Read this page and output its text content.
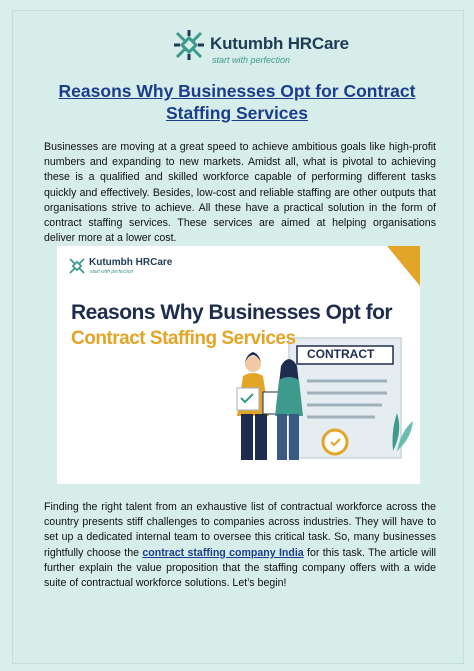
Kutumbh HRCare
start with perfection
Reasons Why Businesses Opt for Contract Staffing Services
Businesses are moving at a great speed to achieve ambitious goals like high-profit numbers and expanding to new markets. Amidst all, what is pivotal to achieving these is a qualified and skilled workforce capable of performing different tasks quickly and effectively. Besides, low-cost and reliable staffing are other outputs that organisations strive to achieve. All these have a practical solution in the form of contract staffing services. These services are aimed at helping organisations deliver more at a lower cost.
Kutumbh HRCare
start with perfection
Reasons Why Businesses Opt for
Contract Staffing Services
CONTRACT
Finding the right talent from an exhaustive list of contractual workforce across the country presents stiff challenges to companies across industries. They will have to set up a dedicated internal team to oversee this critical task. So, many businesses rightfully choose the contract staffing company India for this task. The article will further explain the value proposition that the staffing company offers with a wide suite of contractual workforce solutions. Let’s begin!
